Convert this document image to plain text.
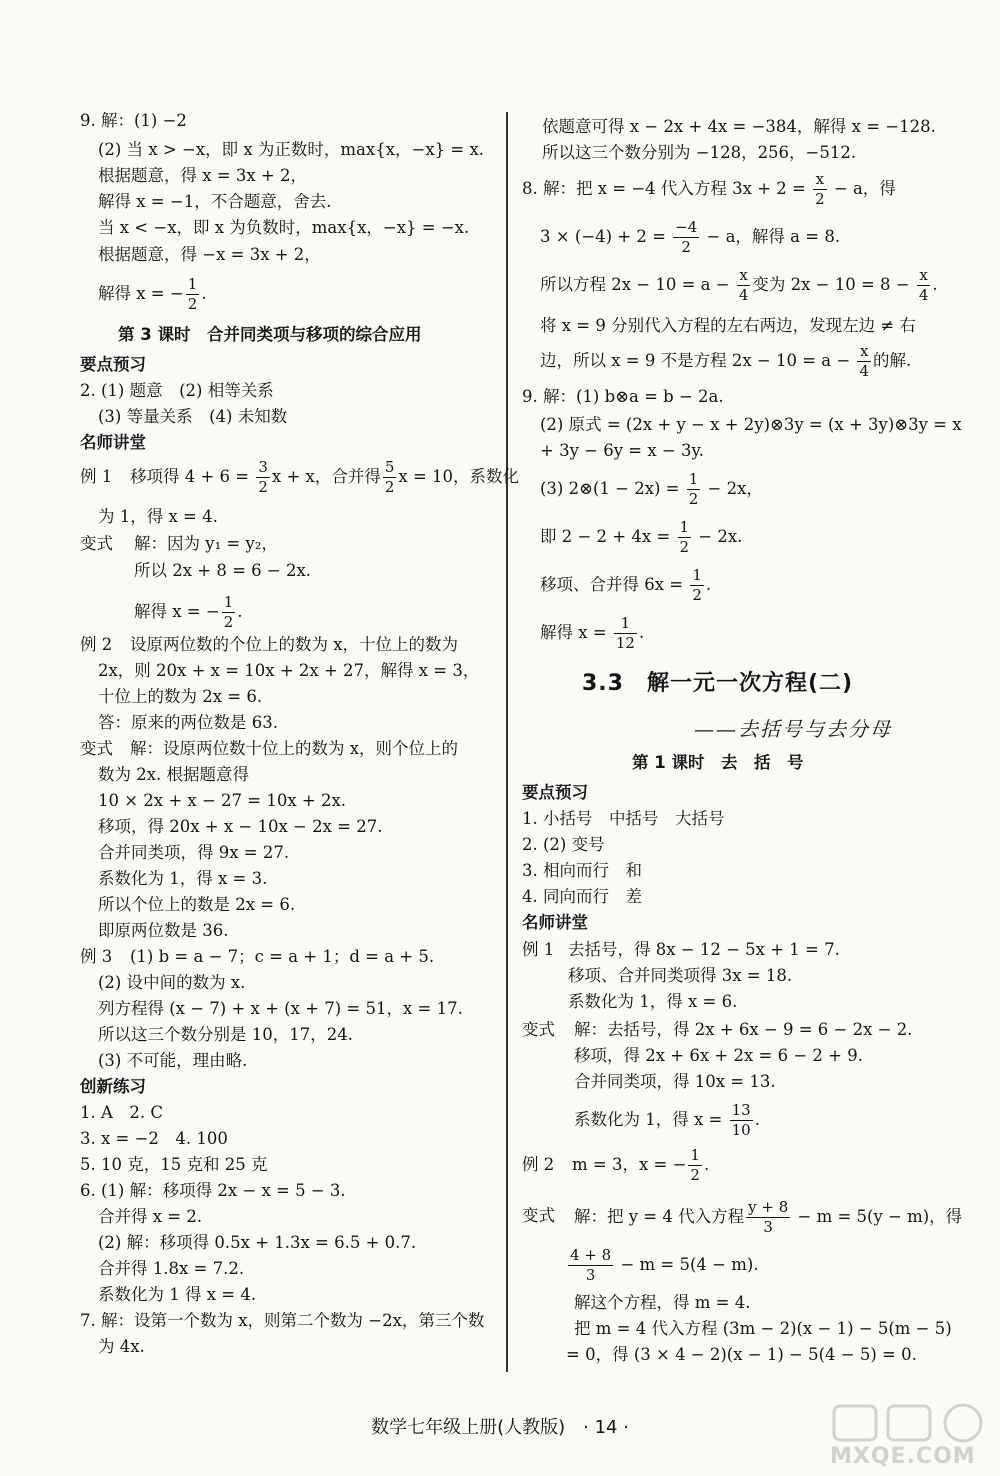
9. 解：(1) −2
(2) 当 x > −x，即 x 为正数时，max{x，−x} = x.
根据题意，得 x = 3x + 2，
解得 x = −1，不合题意，舍去.
当 x < −x，即 x 为负数时，max{x，−x} = −x.
根据题意，得 −x = 3x + 2，
解得 x = − $\frac{1}{2}$ .
第 3 课时　合并同类项与移项的综合应用
要点预习
2. (1) 题意　(2) 相等关系
(3) 等量关系　(4) 未知数
名师讲堂
例 1 移项得 $4 + 6 = \frac{3}{2}$ x + x，合并得 $\frac{5}{2}$ x = 10，系数化
为 1，得 x = 4.
变式 解：因为 y₁ = y₂，
所以 2x + 8 = 6 − 2x.
解得 x = − $\frac{1}{2}$ .
例 2 设原两位数的个位上的数为 x，十位上的数为
2x，则 20x + x = 10x + 2x + 27，解得 x = 3，
十位上的数为 2x = 6.
答：原来的两位数是 63.
变式 解：设原两位数十位上的数为 x，则个位上的
数为 2x. 根据题意得
10 × 2x + x − 27 = 10x + 2x.
移项，得 20x + x − 10x − 2x = 27.
合并同类项，得 9x = 27.
系数化为 1，得 x = 3.
所以个位上的数是 2x = 6.
即原两位数是 36.
例 3 (1) b = a − 7；c = a + 1；d = a + 5.
(2) 设中间的数为 x.
列方程得 (x − 7) + x + (x + 7) = 51，x = 17.
所以这三个数分别是 10，17，24.
(3) 不可能，理由略.
创新练习
1. A　2. C
3. x = −2　4. 100
5. 10 克，15 克和 25 克
6. (1) 解：移项得 2x − x = 5 − 3.
合并得 x = 2.
(2) 解：移项得 0.5x + 1.3x = 6.5 + 0.7.
合并得 1.8x = 7.2.
系数化为 1 得 x = 4.
7. 解：设第一个数为 x，则第二个数为 −2x，第三个数
为 4x.
依题意可得 x − 2x + 4x = −384，解得 x = −128.
所以这三个数分别为 −128，256，−512.
8. 解：把 x = −4 代入方程 $3x + 2 = \frac{x}{2} - a$，得
$3 \times (-4) + 2 = \frac{-4}{2} - a$，解得 a = 8.
所以方程 $2x - 10 = a - \frac{x}{4}$ 变为 $2x - 10 = 8 - \frac{x}{4}$ .
将 x = 9 分别代入方程的左右两边，发现左边 ≠ 右
边，所以 x = 9 不是方程 $2x - 10 = a - \frac{x}{4}$ 的解.
9. 解：(1) b⊗a = b − 2a.
(2) 原式 = (2x + y − x + 2y)⊗3y = (x + 3y)⊗3y = x
+ 3y − 6y = x − 3y.
(3) 2⊗(1 − $2x) = \frac{1}{2} - 2x$，
即 $2 - 2 + 4x = \frac{1}{2} - 2x$.
移项、合并得 $6x = \frac{1}{2}$ .
解得 $x = \frac{1}{12}$ .
3.3　解一元一次方程(二)
——去括号与去分母
第 1 课时　去　括　号
要点预习
1. 小括号　中括号　大括号
2. (2) 变号
3. 相向而行　和
4. 同向而行　差
名师讲堂
例 1 去括号，得 8x − 12 − 5x + 1 = 7.
移项、合并同类项得 3x = 18.
系数化为 1，得 x = 6.
变式 解：去括号，得 2x + 6x − 9 = 6 − 2x − 2.
移项，得 2x + 6x + 2x = 6 − 2 + 9.
合并同类项，得 10x = 13.
系数化为 1，得 $x = \frac{13}{10}$ .
例 2 m = 3，x = − $\frac{1}{2}$ .
变式 解：把 y = 4 代入方程 $\frac{y + 8}{3} - m = 5(y - m)$，得
$\frac{4 + 8}{3} - m = 5(4 - m)$.
解这个方程，得 m = 4.
把 m = 4 代入方程 (3m − 2)(x − 1) − 5(m − 5)
= 0，得 (3 × 4 − 2)(x − 1) − 5(4 − 5) = 0.
数学七年级上册(人教版)　· 14 ·
MXQE.COM
